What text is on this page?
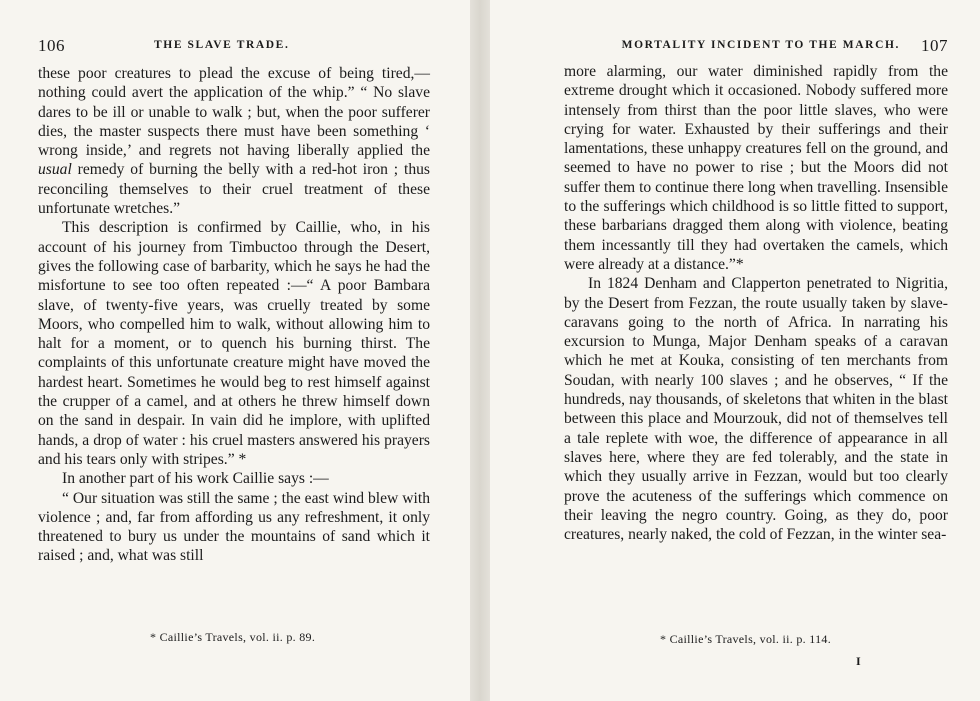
106	THE SLAVE TRADE.

these poor creatures to plead the excuse of being tired,—nothing could avert the application of the whip.” “ No slave dares to be ill or unable to walk ; but, when the poor sufferer dies, the master suspects there must have been something ‘ wrong inside,’ and regrets not having liberally applied the usual remedy of burning the belly with a red-hot iron ; thus reconciling themselves to their cruel treatment of these unfortunate wretches.”

This description is confirmed by Caillie, who, in his account of his journey from Timbuctoo through the Desert, gives the following case of barbarity, which he says he had the misfortune to see too often repeated :—“ A poor Bambara slave, of twenty-five years, was cruelly treated by some Moors, who compelled him to walk, without allowing him to halt for a moment, or to quench his burning thirst. The complaints of this unfortunate creature might have moved the hardest heart. Sometimes he would beg to rest himself against the crupper of a camel, and at others he threw himself down on the sand in despair. In vain did he implore, with uplifted hands, a drop of water : his cruel masters answered his prayers and his tears only with stripes.” *

In another part of his work Caillie says :—

“ Our situation was still the same ; the east wind blew with violence ; and, far from affording us any refreshment, it only threatened to bury us under the mountains of sand which it raised ; and, what was still

* Caillie’s Travels, vol. ii. p. 89.
MORTALITY INCIDENT TO THE MARCH. 107

more alarming, our water diminished rapidly from the extreme drought which it occasioned. Nobody suffered more intensely from thirst than the poor little slaves, who were crying for water. Exhausted by their sufferings and their lamentations, these unhappy creatures fell on the ground, and seemed to have no power to rise ; but the Moors did not suffer them to continue there long when travelling. Insensible to the sufferings which childhood is so little fitted to support, these barbarians dragged them along with violence, beating them incessantly till they had overtaken the camels, which were already at a distance.”*

In 1824 Denham and Clapperton penetrated to Nigritia, by the Desert from Fezzan, the route usually taken by slave-caravans going to the north of Africa. In narrating his excursion to Munga, Major Denham speaks of a caravan which he met at Kouka, consisting of ten merchants from Soudan, with nearly 100 slaves ; and he observes, “ If the hundreds, nay thousands, of skeletons that whiten in the blast between this place and Mourzouk, did not of themselves tell a tale replete with woe, the difference of appearance in all slaves here, where they are fed tolerably, and the state in which they usually arrive in Fezzan, would but too clearly prove the acuteness of the sufferings which commence on their leaving the negro country. Going, as they do, poor creatures, nearly naked, the cold of Fezzan, in the winter sea-

* Caillie’s Travels, vol. ii. p. 114.
I
